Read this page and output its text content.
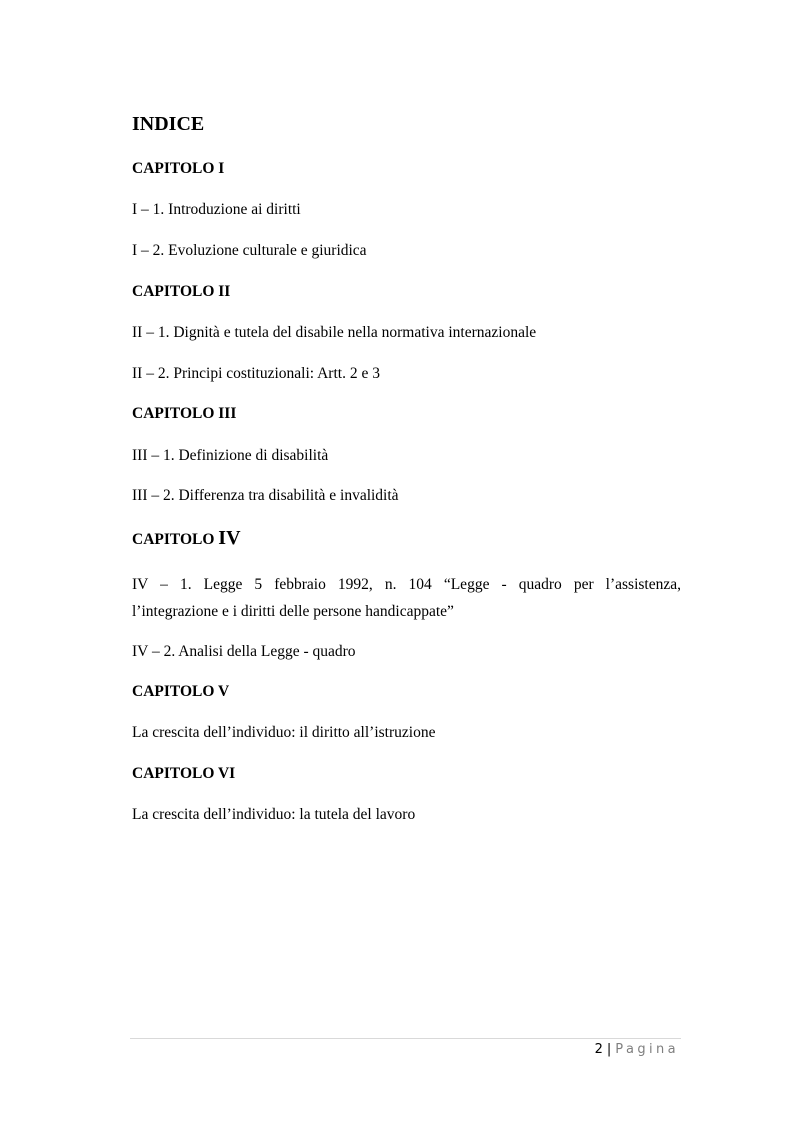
INDICE

CAPITOLO I

I – 1. Introduzione ai diritti

I – 2. Evoluzione culturale e giuridica

CAPITOLO II

II – 1. Dignità e tutela del disabile nella normativa internazionale

II – 2. Principi costituzionali: Artt. 2 e 3

CAPITOLO III

III – 1. Definizione di disabilità

III – 2. Differenza tra disabilità e invalidità

CAPITOLO IV

IV – 1. Legge 5 febbraio 1992, n. 104 “Legge - quadro per l’assistenza,
l’integrazione e i diritti delle persone handicappate”

IV – 2. Analisi della Legge - quadro

CAPITOLO V

La crescita dell’individuo: il diritto all’istruzione

CAPITOLO VI

La crescita dell’individuo: la tutela del lavoro

2 | Pagina
